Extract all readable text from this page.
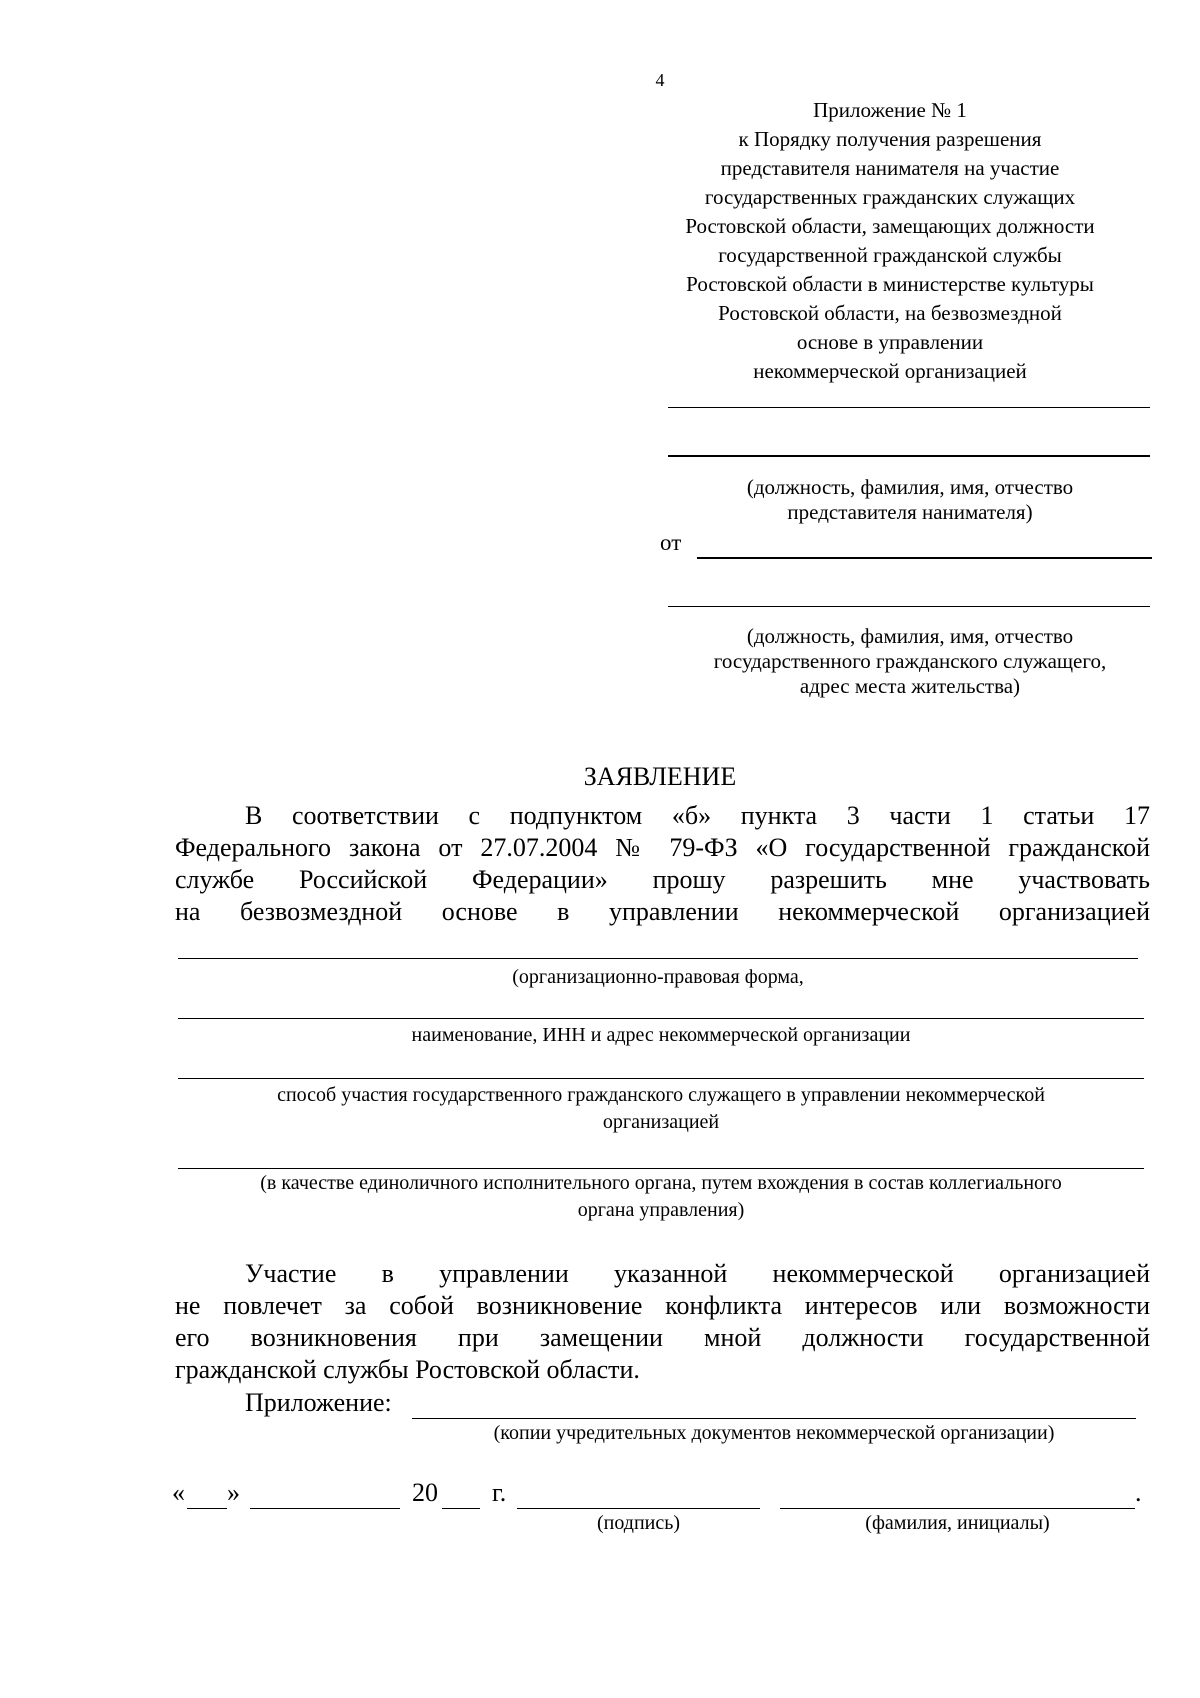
4
Приложение № 1
к Порядку получения разрешения
представителя нанимателя на участие
государственных гражданских служащих
Ростовской области, замещающих должности
государственной гражданской службы
Ростовской области в министерстве культуры
Ростовской области, на безвозмездной
основе в управлении
некоммерческой организацией
(должность, фамилия, имя, отчество
представителя нанимателя)
от
(должность, фамилия, имя, отчество
государственного гражданского служащего,
адрес места жительства)
ЗАЯВЛЕНИЕ
В соответствии с подпунктом «б» пункта 3 части 1 статьи 17
Федерального закона от 27.07.2004 № 79-ФЗ «О государственной гражданской
службе Российской Федерации» прошу разрешить мне участвовать
на безвозмездной основе в управлении некоммерческой организацией
(организационно-правовая форма,
наименование, ИНН и адрес некоммерческой организации
способ участия государственного гражданского служащего в управлении некоммерческой
организацией
(в качестве единоличного исполнительного органа, путем вхождения в состав коллегиального
органа управления)
Участие в управлении указанной некоммерческой организацией
не повлечет за собой возникновение конфликта интересов или возможности
его возникновения при замещении мной должности государственной
гражданской службы Ростовской области.
Приложение:
(копии учредительных документов некоммерческой организации)
« »	20 г.	.
(подпись)	(фамилия, инициалы)
